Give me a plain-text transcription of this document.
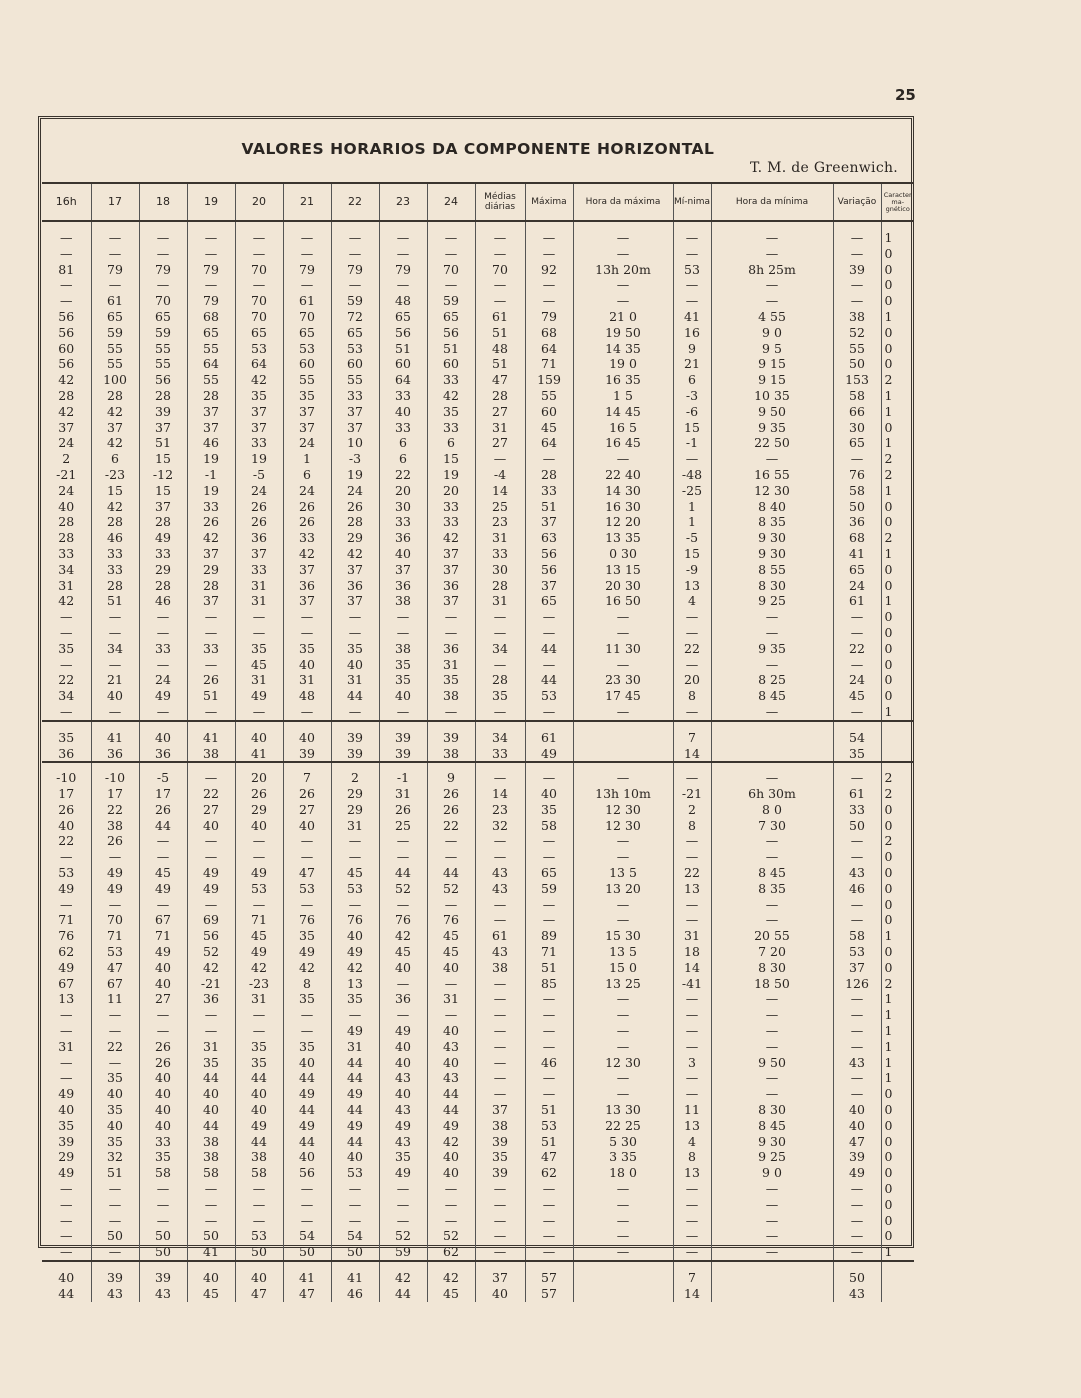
25
VALORES HORARIOS DA COMPONENTE HORIZONTAL
T. M. de Greenwich.
16h	17	18	19	20	21	22	23	24	Médias diárias	Máxima	Hora da máxima	Mí-nima	Hora da mínima	Variação	Caracter ma-gnético

—	—	—	—	—	—	—	—	—	—	—	—	—	—	—	1
—	—	—	—	—	—	—	—	—	—	—	—	—	—	—	0
81	79	79	79	70	79	79	79	70	70	92	13h 20m	53	8h 25m	39	0
—	—	—	—	—	—	—	—	—	—	—	—	—	—	—	0
—	61	70	79	70	61	59	48	59	—	—	—	—	—	—	0
56	65	65	68	70	70	72	65	65	61	79	21 0	41	4 55	38	1
56	59	59	65	65	65	65	56	56	51	68	19 50	16	9 0	52	0
60	55	55	55	53	53	53	51	51	48	64	14 35	9	9 5	55	0
56	55	55	64	64	60	60	60	60	51	71	19 0	21	9 15	50	0
42	100	56	55	42	55	55	64	33	47	159	16 35	6	9 15	153	2
28	28	28	28	35	35	33	33	42	28	55	1 5	-3	10 35	58	1
42	42	39	37	37	37	37	40	35	27	60	14 45	-6	9 50	66	1
37	37	37	37	37	37	37	33	33	31	45	16 5	15	9 35	30	0
24	42	51	46	33	24	10	6	6	27	64	16 45	-1	22 50	65	1
2	6	15	19	19	1	-3	6	15	—	—	—	—	—	—	2
-21	-23	-12	-1	-5	6	19	22	19	-4	28	22 40	-48	16 55	76	2
24	15	15	19	24	24	24	20	20	14	33	14 30	-25	12 30	58	1
40	42	37	33	26	26	26	30	33	25	51	16 30	1	8 40	50	0
28	28	28	26	26	26	28	33	33	23	37	12 20	1	8 35	36	0
28	46	49	42	36	33	29	36	42	31	63	13 35	-5	9 30	68	2
33	33	33	37	37	42	42	40	37	33	56	0 30	15	9 30	41	1
34	33	29	29	33	37	37	37	37	30	56	13 15	-9	8 55	65	0
31	28	28	28	31	36	36	36	36	28	37	20 30	13	8 30	24	0
42	51	46	37	31	37	37	38	37	31	65	16 50	4	9 25	61	1
—	—	—	—	—	—	—	—	—	—	—	—	—	—	—	0
—	—	—	—	—	—	—	—	—	—	—	—	—	—	—	0
35	34	33	33	35	35	35	38	36	34	44	11 30	22	9 35	22	0
—	—	—	—	45	40	40	35	31	—	—	—	—	—	—	0
22	21	24	26	31	31	31	35	35	28	44	23 30	20	8 25	24	0
34	40	49	51	49	48	44	40	38	35	53	17 45	8	8 45	45	0
—	—	—	—	—	—	—	—	—	—	—	—	—	—	—	1

35	41	40	41	40	40	39	39	39	34	61		7		54	
36	36	36	38	41	39	39	39	38	33	49		14		35	

-10	-10	-5	—	20	7	2	-1	9	—	—	—	—	—	—	2
17	17	17	22	26	26	29	31	26	14	40	13h 10m	-21	6h 30m	61	2
26	22	26	27	29	27	29	26	26	23	35	12 30	2	8 0	33	0
40	38	44	40	40	40	31	25	22	32	58	12 30	8	7 30	50	0
22	26	—	—	—	—	—	—	—	—	—	—	—	—	—	2
—	—	—	—	—	—	—	—	—	—	—	—	—	—	—	0
53	49	45	49	49	47	45	44	44	43	65	13 5	22	8 45	43	0
49	49	49	49	53	53	53	52	52	43	59	13 20	13	8 35	46	0
—	—	—	—	—	—	—	—	—	—	—	—	—	—	—	0
71	70	67	69	71	76	76	76	76	—	—	—	—	—	—	0
76	71	71	56	45	35	40	42	45	61	89	15 30	31	20 55	58	1
62	53	49	52	49	49	49	45	45	43	71	13 5	18	7 20	53	0
49	47	40	42	42	42	42	40	40	38	51	15 0	14	8 30	37	0
67	67	40	-21	-23	8	13	—	—	—	85	13 25	-41	18 50	126	2
13	11	27	36	31	35	35	36	31	—	—	—	—	—	—	1
—	—	—	—	—	—	—	—	—	—	—	—	—	—	—	1
—	—	—	—	—	—	49	49	40	—	—	—	—	—	—	1
31	22	26	31	35	35	31	40	43	—	—	—	—	—	—	1
—	—	26	35	35	40	44	40	40	—	46	12 30	3	9 50	43	1
—	35	40	44	44	44	44	43	43	—	—	—	—	—	—	1
49	40	40	40	40	49	49	40	44	—	—	—	—	—	—	0
40	35	40	40	40	44	44	43	44	37	51	13 30	11	8 30	40	0
35	40	40	44	49	49	49	49	49	38	53	22 25	13	8 45	40	0
39	35	33	38	44	44	44	43	42	39	51	5 30	4	9 30	47	0
29	32	35	38	38	40	40	35	40	35	47	3 35	8	9 25	39	0
49	51	58	58	58	56	53	49	40	39	62	18 0	13	9 0	49	0
—	—	—	—	—	—	—	—	—	—	—	—	—	—	—	0
—	—	—	—	—	—	—	—	—	—	—	—	—	—	—	0
—	—	—	—	—	—	—	—	—	—	—	—	—	—	—	0
—	50	50	50	53	54	54	52	52	—	—	—	—	—	—	0
—	—	50	41	50	50	50	59	62	—	—	—	—	—	—	1

40	39	39	40	40	41	41	42	42	37	57		7		50	
44	43	43	45	47	47	46	44	45	40	57		14		43	
